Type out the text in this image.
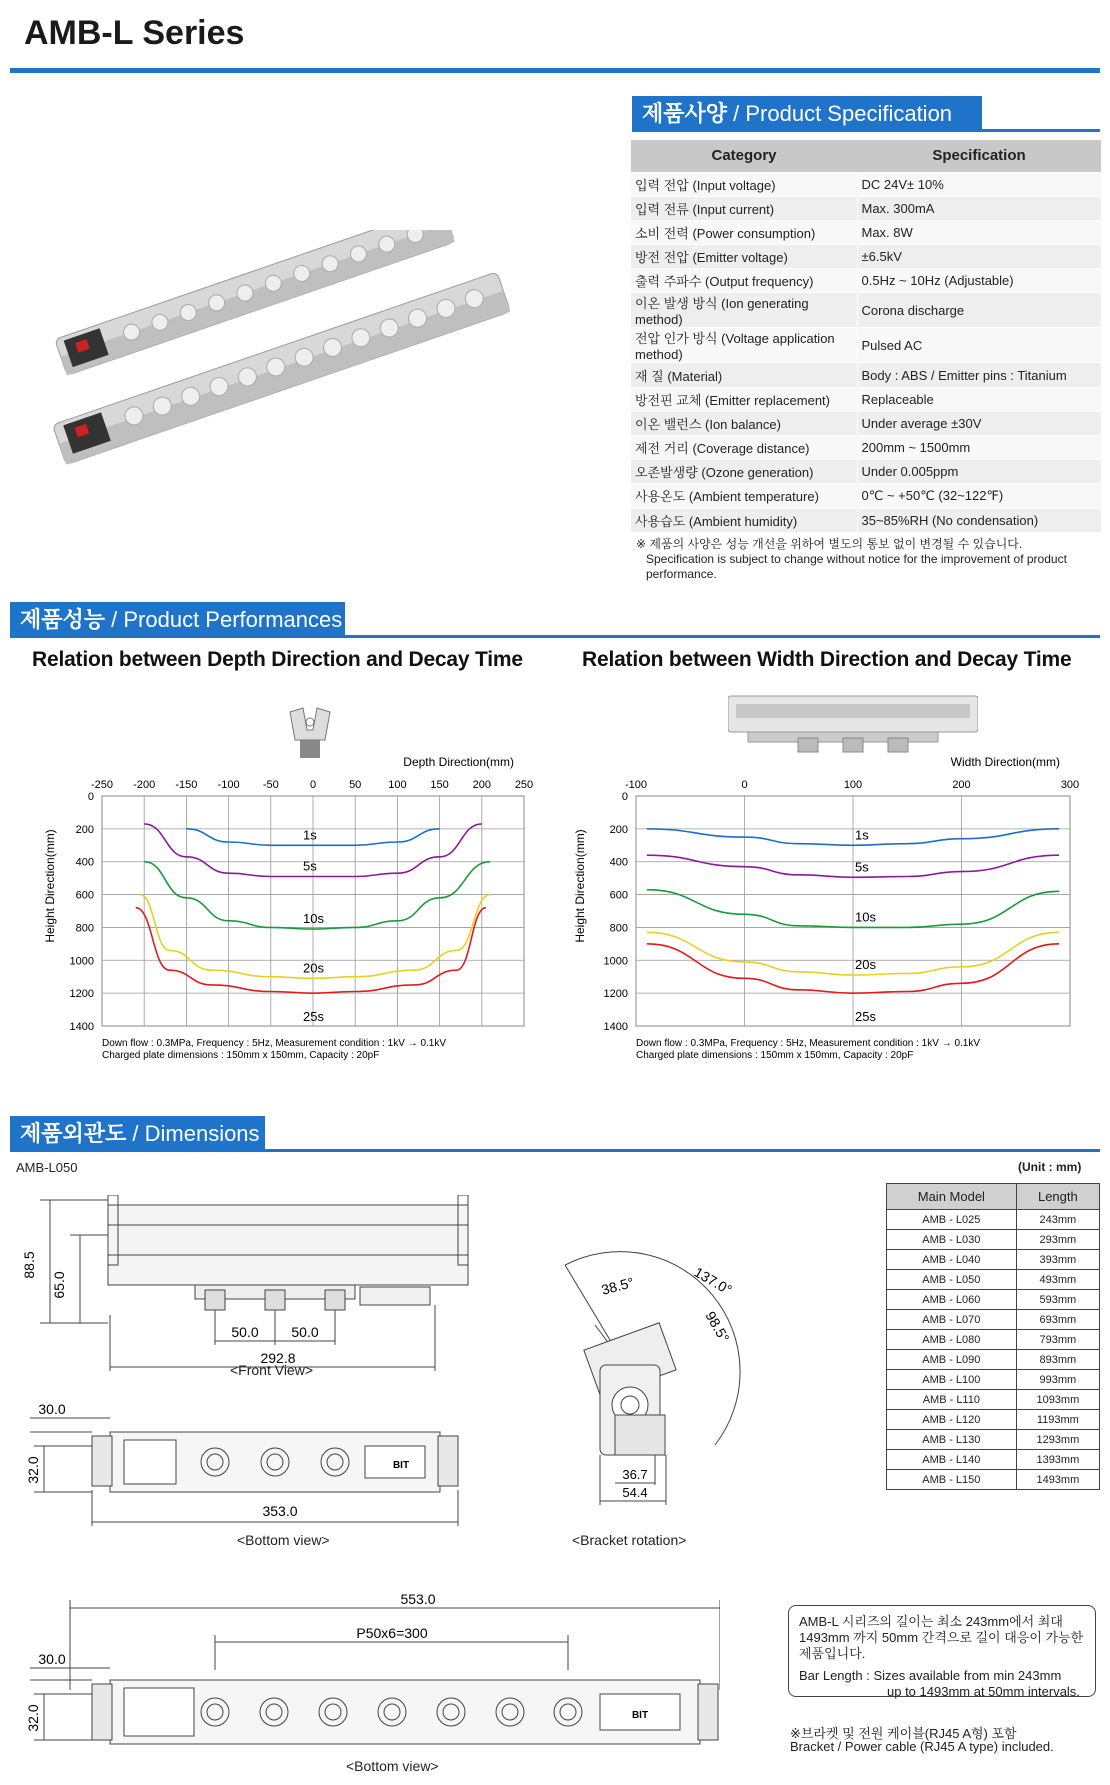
AMB-L Series
제품사양 / Product Specification
Category	Specification
입력 전압 (Input voltage)	DC 24V± 10%
입력 전류 (Input current)	Max. 300mA
소비 전력 (Power consumption)	Max. 8W
방전 전압 (Emitter voltage)	±6.5kV
출력 주파수 (Output frequency)	0.5Hz ~ 10Hz (Adjustable)
이온 발생 방식 (Ion generating method)	Corona discharge
전압 인가 방식 (Voltage application method)	Pulsed AC
재 질 (Material)	Body : ABS / Emitter pins : Titanium
방전핀 교체 (Emitter replacement)	Replaceable
이온 밸런스 (Ion balance)	Under average ±30V
제전 거리 (Coverage distance)	200mm ~ 1500mm
오존발생량 (Ozone generation)	Under 0.005ppm
사용온도 (Ambient temperature)	0℃ ~ +50℃ (32~122℉)
사용습도 (Ambient humidity)	35~85%RH (No condensation)
※ 제품의 사양은 성능 개선을 위하여 별도의 통보 없이 변경될 수 있습니다.
Specification is subject to change without notice for the improvement of product performance.
제품성능 / Product Performances
Relation between Depth Direction and Decay Time	Relation between Width Direction and Decay Time
-250 -200 -150 -100 -50	0	50 100 150 200 250
0
200
400
600
800
1000
1200
1400
Depth Direction(mm)
Height Direction(mm)	1s
5s
10s
20s
25s
Down flow : 0.3MPa, Frequency : 5Hz, Measurement condition : 1kV → 0.1kV
Charged plate dimensions : 150mm x 150mm, Capacity : 20pF
-100	0	100	200	300
0
200
400
600
800
1000
1200
1400
Width Direction(mm)
Height Direction(mm)	1s
5s
10s
20s
25s
Down flow : 0.3MPa, Frequency : 5Hz, Measurement condition : 1kV → 0.1kV
Charged plate dimensions : 150mm x 150mm, Capacity : 20pF
제품외관도 / Dimensions
AMB-L050	(Unit : mm)
88.5
65.0
50.0 50.0
292.8
<Front View>
BIT
30.0
32.0
353.0
<Bottom view>
38.5°	137.0°
98.5°
36.7
54.4
<Bracket rotation>
Main Model	Length
AMB - L025	243mm
AMB - L030	293mm
AMB - L040	393mm
AMB - L050	493mm
AMB - L060	593mm
AMB - L070	693mm
AMB - L080	793mm
AMB - L090	893mm
AMB - L100	993mm
AMB - L110	1093mm
AMB - L120	1193mm
AMB - L130	1293mm
AMB - L140	1393mm
AMB - L150	1493mm
BIT
553.0
P50x6=300
30.0
32.0
<Bottom view>
AMB-L 시리즈의 길이는 최소 243mm에서 최대
1493mm 까지 50mm 간격으로 길이 대응이 가능한
제품입니다.
Bar Length : Sizes available from min 243mm
up to 1493mm at 50mm intervals.
※브라켓 및 전원 케이블(RJ45 A형) 포함
Bracket / Power cable (RJ45 A type) included.
